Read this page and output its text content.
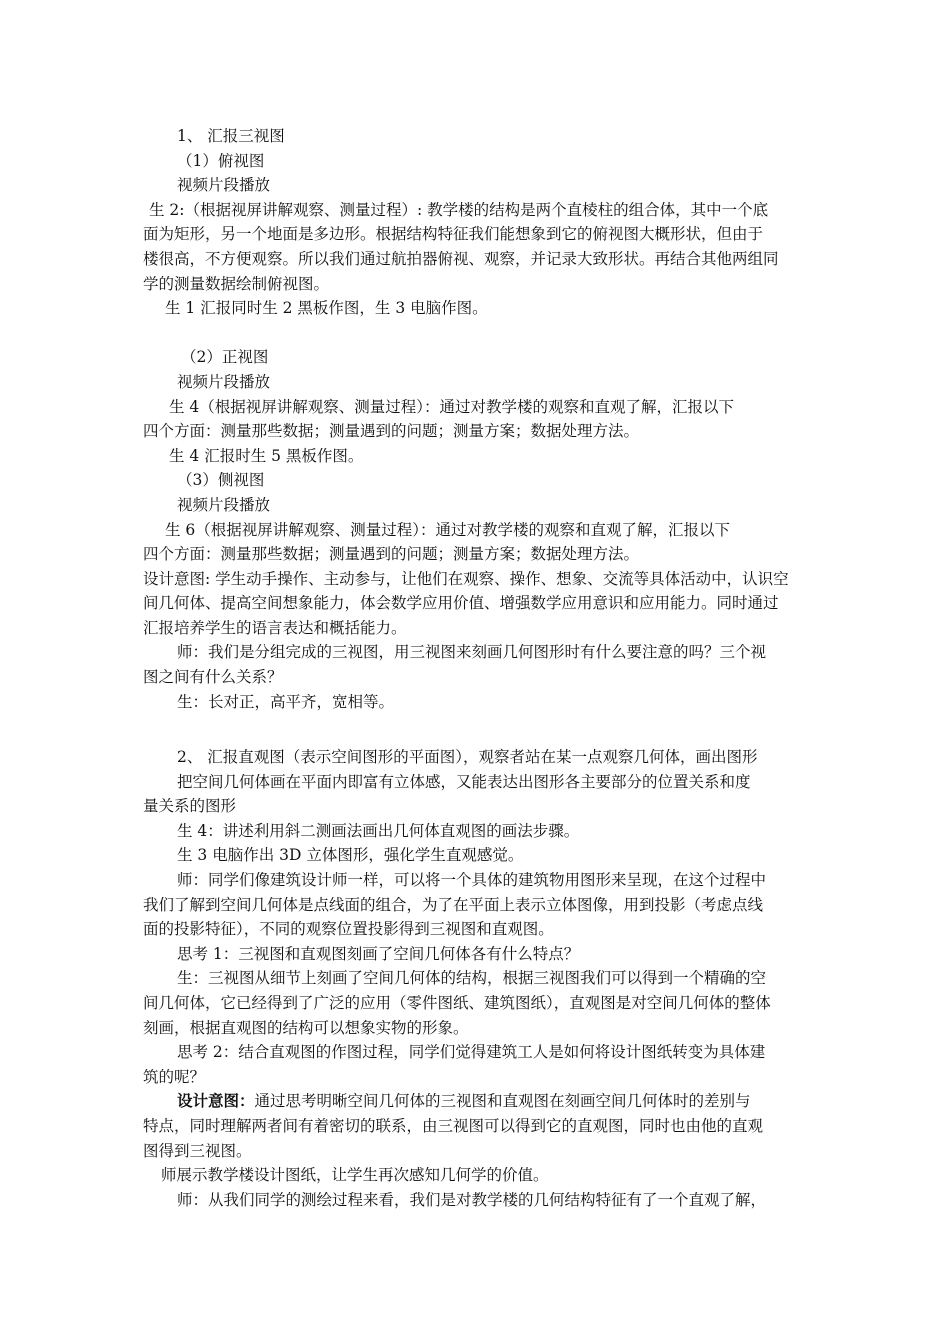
1、 汇报三视图
（1）俯视图
视频片段播放
生 2:（根据视屏讲解观察、测量过程）: 教学楼的结构是两个直棱柱的组合体，其中一个底
面为矩形，另一个地面是多边形。根据结构特征我们能想象到它的俯视图大概形状，但由于
楼很高，不方便观察。所以我们通过航拍器俯视、观察，并记录大致形状。再结合其他两组同
学的测量数据绘制俯视图。
生 1 汇报同时生 2 黑板作图，生 3 电脑作图。
（2）正视图
视频片段播放
生 4（根据视屏讲解观察、测量过程）：通过对教学楼的观察和直观了解，汇报以下
四个方面：测量那些数据；测量遇到的问题；测量方案；数据处理方法。
生 4 汇报时生 5 黑板作图。
（3）侧视图
视频片段播放
生 6（根据视屏讲解观察、测量过程）：通过对教学楼的观察和直观了解，汇报以下
四个方面：测量那些数据；测量遇到的问题；测量方案；数据处理方法。
设计意图: 学生动手操作、主动参与，让他们在观察、操作、想象、交流等具体活动中，认识空
间几何体、提高空间想象能力，体会数学应用价值、增强数学应用意识和应用能力。同时通过
汇报培养学生的语言表达和概括能力。
师：我们是分组完成的三视图，用三视图来刻画几何图形时有什么要注意的吗？三个视
图之间有什么关系？
生：长对正，高平齐，宽相等。
2、 汇报直观图（表示空间图形的平面图），观察者站在某一点观察几何体，画出图形
把空间几何体画在平面内即富有立体感，又能表达出图形各主要部分的位置关系和度
量关系的图形
生 4：讲述利用斜二测画法画出几何体直观图的画法步骤。
生 3 电脑作出 3D 立体图形，强化学生直观感觉。
师：同学们像建筑设计师一样，可以将一个具体的建筑物用图形来呈现，在这个过程中
我们了解到空间几何体是点线面的组合，为了在平面上表示立体图像，用到投影（考虑点线
面的投影特征），不同的观察位置投影得到三视图和直观图。
思考 1：三视图和直观图刻画了空间几何体各有什么特点？
生：三视图从细节上刻画了空间几何体的结构，根据三视图我们可以得到一个精确的空
间几何体，它已经得到了广泛的应用（零件图纸、建筑图纸），直观图是对空间几何体的整体
刻画，根据直观图的结构可以想象实物的形象。
思考 2：结合直观图的作图过程，同学们觉得建筑工人是如何将设计图纸转变为具体建
筑的呢？
设计意图：通过思考明晰空间几何体的三视图和直观图在刻画空间几何体时的差别与
特点，同时理解两者间有着密切的联系，由三视图可以得到它的直观图，同时也由他的直观
图得到三视图。
师展示教学楼设计图纸，让学生再次感知几何学的价值。
师：从我们同学的测绘过程来看，我们是对教学楼的几何结构特征有了一个直观了解，
